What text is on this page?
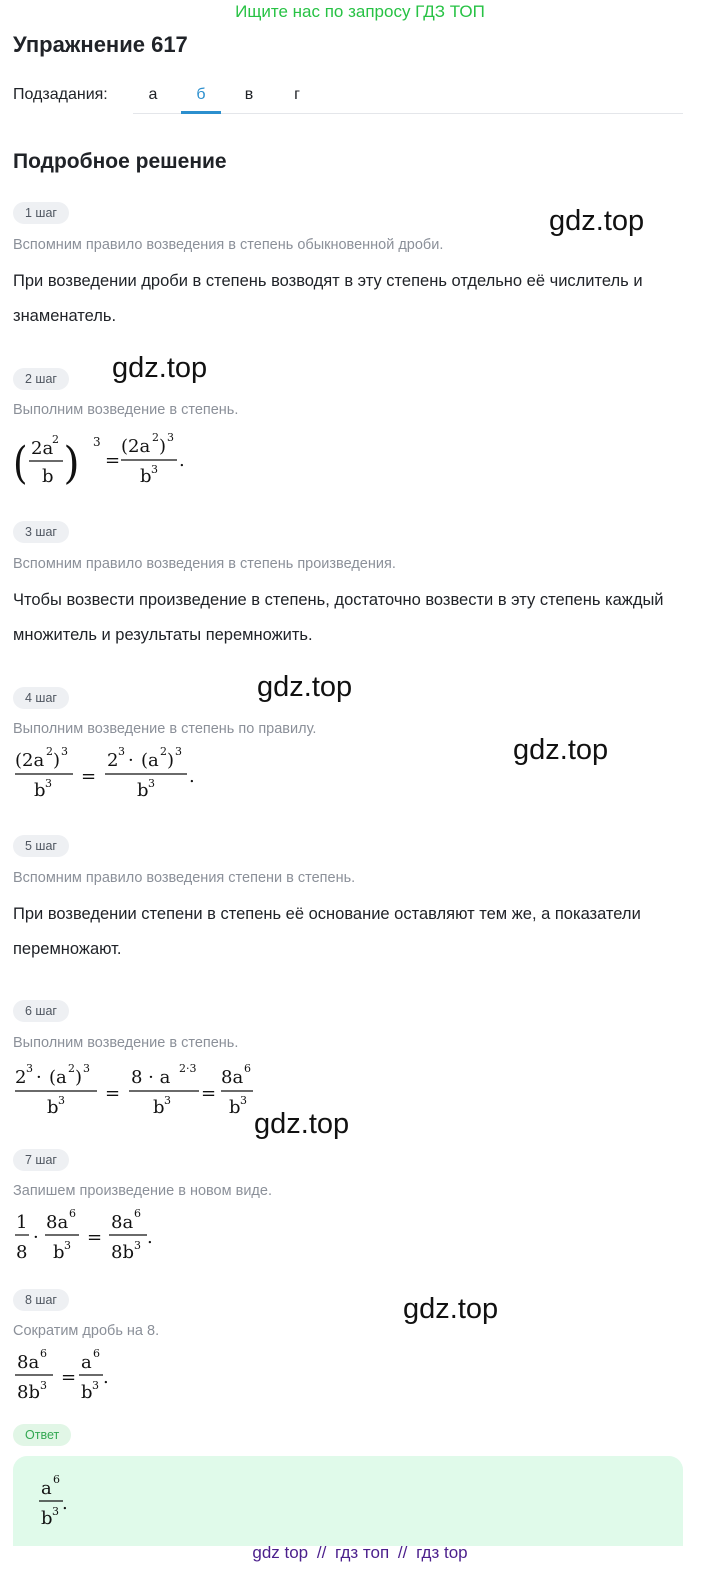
Ищите нас по запросу ГДЗ ТОП
Упражнение 617
Подзадания:	а	б	в	г
Подробное решение
1 шаг
Вспомним правило возведения в степень обыкновенной дроби.
При возведении дроби в степень возводят в эту степень отдельно её числитель и знаменатель.
2 шаг
Выполним возведение в степень.
( 2a
2
b ) 3
=
(2a 2 ) 3
b 3 .
3 шаг
Вспомним правило возведения в степень произведения.
Чтобы возвести произведение в степень, достаточно возвести в эту степень каждый множитель и результаты перемножить.
4 шаг
Выполним возведение в степень по правилу.
(2a 2 ) 3
b 3 =
2 3 · (a 2 ) 3
b 3 .
5 шаг
Вспомним правило возведения степени в степень.
При возведении степени в степень её основание оставляют тем же, а показатели перемножают.
6 шаг
Выполним возведение в степень.
2 3 · (a 2 ) 3
b 3 =
8 · a 2·3
b 3 =
8a 6
b 3
7 шаг
Запишем произведение в новом виде.
1
8
·
8a 6
b 3 =
8a 6
8b 3 .
8 шаг
Сократим дробь на 8.
8a 6
8b 3 =
a 6
b 3 .
Ответ
a 6
b 3 .
gdz.top
gdz.top
gdz.top
gdz.top
gdz.top
gdz.top
gdz top // гдз топ // гдз top
